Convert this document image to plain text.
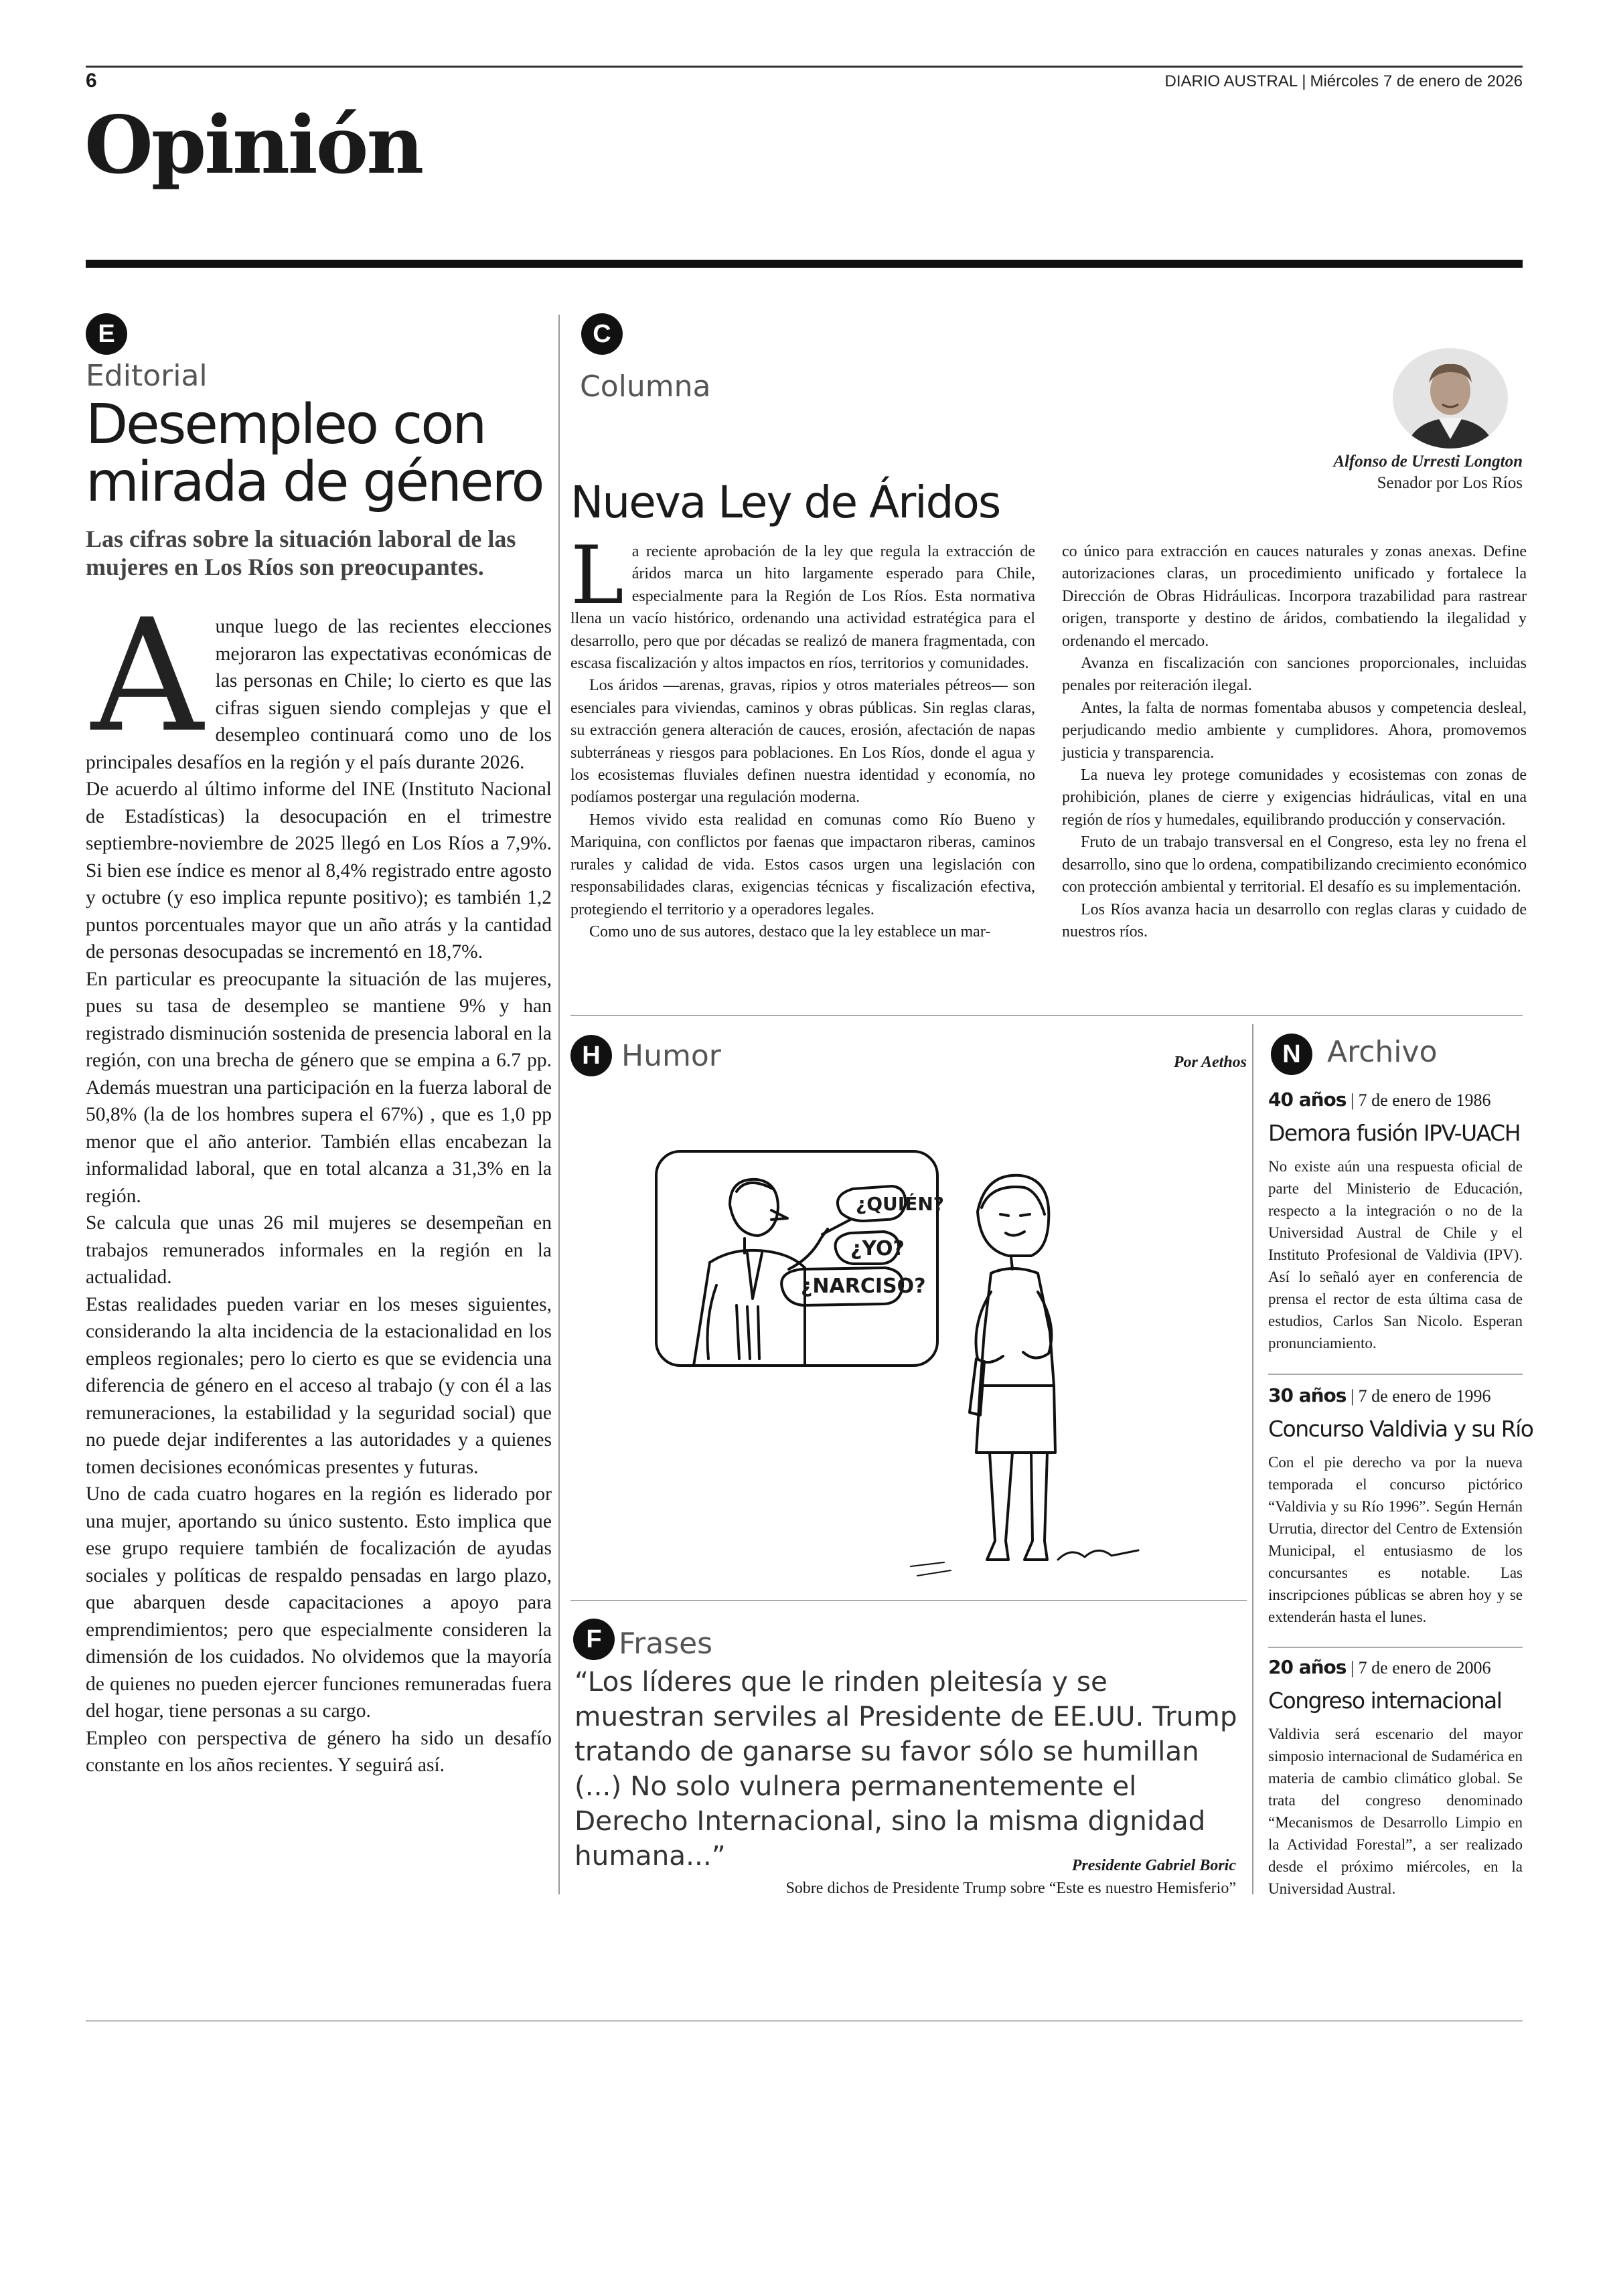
6	DIARIO AUSTRAL | Miércoles 7 de enero de 2026
Opinión
E
Editorial
Desempleo con mirada de género
Las cifras sobre la situación laboral de las mujeres en Los Ríos son preocupantes.

Aunque luego de las recientes elecciones mejoraron las expectativas económicas de las personas en Chile; lo cierto es que las cifras siguen siendo complejas y que el desempleo continuará como uno de los principales desafíos en la región y el país durante 2026.

De acuerdo al último informe del INE (Instituto Nacional de Estadísticas) la desocupación en el trimestre septiembre-noviembre de 2025 llegó en Los Ríos a 7,9%. Si bien ese índice es menor al 8,4% registrado entre agosto y octubre (y eso implica repunte positivo); es también 1,2 puntos porcentuales mayor que un año atrás y la cantidad de personas desocupadas se incrementó en 18,7%.

En particular es preocupante la situación de las mujeres, pues su tasa de desempleo se mantiene 9% y han registrado disminución sostenida de presencia laboral en la región, con una brecha de género que se empina a 6.7 pp. Además muestran una participación en la fuerza laboral de 50,8% (la de los hombres supera el 67%) , que es 1,0 pp menor que el año anterior. También ellas encabezan la informalidad laboral, que en total alcanza a 31,3% en la región.

Se calcula que unas 26 mil mujeres se desempeñan en trabajos remunerados informales en la región en la actualidad.

Estas realidades pueden variar en los meses siguientes, considerando la alta incidencia de la estacionalidad en los empleos regionales; pero lo cierto es que se evidencia una diferencia de género en el acceso al trabajo (y con él a las remuneraciones, la estabilidad y la seguridad social) que no puede dejar indiferentes a las autoridades y a quienes tomen decisiones económicas presentes y futuras.

Uno de cada cuatro hogares en la región es liderado por una mujer, aportando su único sustento. Esto implica que ese grupo requiere también de focalización de ayudas sociales y políticas de respaldo pensadas en largo plazo, que abarquen desde capacitaciones a apoyo para emprendimientos; pero que especialmente consideren la dimensión de los cuidados. No olvidemos que la mayoría de quienes no pueden ejercer funciones remuneradas fuera del hogar, tiene personas a su cargo.

Empleo con perspectiva de género ha sido un desafío constante en los años recientes. Y seguirá así.

C
Columna
Nueva Ley de Áridos
Alfonso de Urresti Longton
Senador por Los Ríos

La reciente aprobación de la ley que regula la extracción de áridos marca un hito largamente esperado para Chile, especialmente para la Región de Los Ríos. Esta normativa llena un vacío histórico, ordenando una actividad estratégica para el desarrollo, pero que por décadas se realizó de manera fragmentada, con escasa fiscalización y altos impactos en ríos, territorios y comunidades.

Los áridos —arenas, gravas, ripios y otros materiales pétreos— son esenciales para viviendas, caminos y obras públicas. Sin reglas claras, su extracción genera alteración de cauces, erosión, afectación de napas subterráneas y riesgos para poblaciones. En Los Ríos, donde el agua y los ecosistemas fluviales definen nuestra identidad y economía, no podíamos postergar una regulación moderna.

Hemos vivido esta realidad en comunas como Río Bueno y Mariquina, con conflictos por faenas que impactaron riberas, caminos rurales y calidad de vida. Estos casos urgen una legislación con responsabilidades claras, exigencias técnicas y fiscalización efectiva, protegiendo el territorio y a operadores legales.

Como uno de sus autores, destaco que la ley establece un mar-

co único para extracción en cauces naturales y zonas anexas. Define autorizaciones claras, un procedimiento unificado y fortalece la Dirección de Obras Hidráulicas. Incorpora trazabilidad para rastrear origen, transporte y destino de áridos, combatiendo la ilegalidad y ordenando el mercado.

Avanza en fiscalización con sanciones proporcionales, incluidas penales por reiteración ilegal.

Antes, la falta de normas fomentaba abusos y competencia desleal, perjudicando medio ambiente y cumplidores. Ahora, promovemos justicia y transparencia.

La nueva ley protege comunidades y ecosistemas con zonas de prohibición, planes de cierre y exigencias hidráulicas, vital en una región de ríos y humedales, equilibrando producción y conservación.

Fruto de un trabajo transversal en el Congreso, esta ley no frena el desarrollo, sino que lo ordena, compatibilizando crecimiento económico con protección ambiental y territorial. El desafío es su implementación.

Los Ríos avanza hacia un desarrollo con reglas claras y cuidado de nuestros ríos.

H Humor	Por Aethos
¿QUIÉN?
¿YO?
¿NARCISO?
F Frases
“Los líderes que le rinden pleitesía y se muestran serviles al Presidente de EE.UU. Trump tratando de ganarse su favor sólo se humillan (...) No solo vulnera permanentemente el Derecho Internacional, sino la misma dignidad humana...”	Presidente Gabriel Boric
Sobre dichos de Presidente Trump sobre “Este es nuestro Hemisferio”
N Archivo
40 años | 7 de enero de 1986
Demora fusión IPV-UACH
No existe aún una respuesta oficial de parte del Ministerio de Educación, respecto a la integración o no de la Universidad Austral de Chile y el Instituto Profesional de Valdivia (IPV). Así lo señaló ayer en conferencia de prensa el rector de esta última casa de estudios, Carlos San Nicolo. Esperan pronunciamiento.
30 años | 7 de enero de 1996
Concurso Valdivia y su Río
Con el pie derecho va por la nueva temporada el concurso pictórico “Valdivia y su Río 1996”. Según Hernán Urrutia, director del Centro de Extensión Municipal, el entusiasmo de los concursantes es notable. Las inscripciones públicas se abren hoy y se extenderán hasta el lunes.
20 años | 7 de enero de 2006
Congreso internacional
Valdivia será escenario del mayor simposio internacional de Sudamérica en materia de cambio climático global. Se trata del congreso denominado “Mecanismos de Desarrollo Limpio en la Actividad Forestal”, a ser realizado desde el próximo miércoles, en la Universidad Austral.
